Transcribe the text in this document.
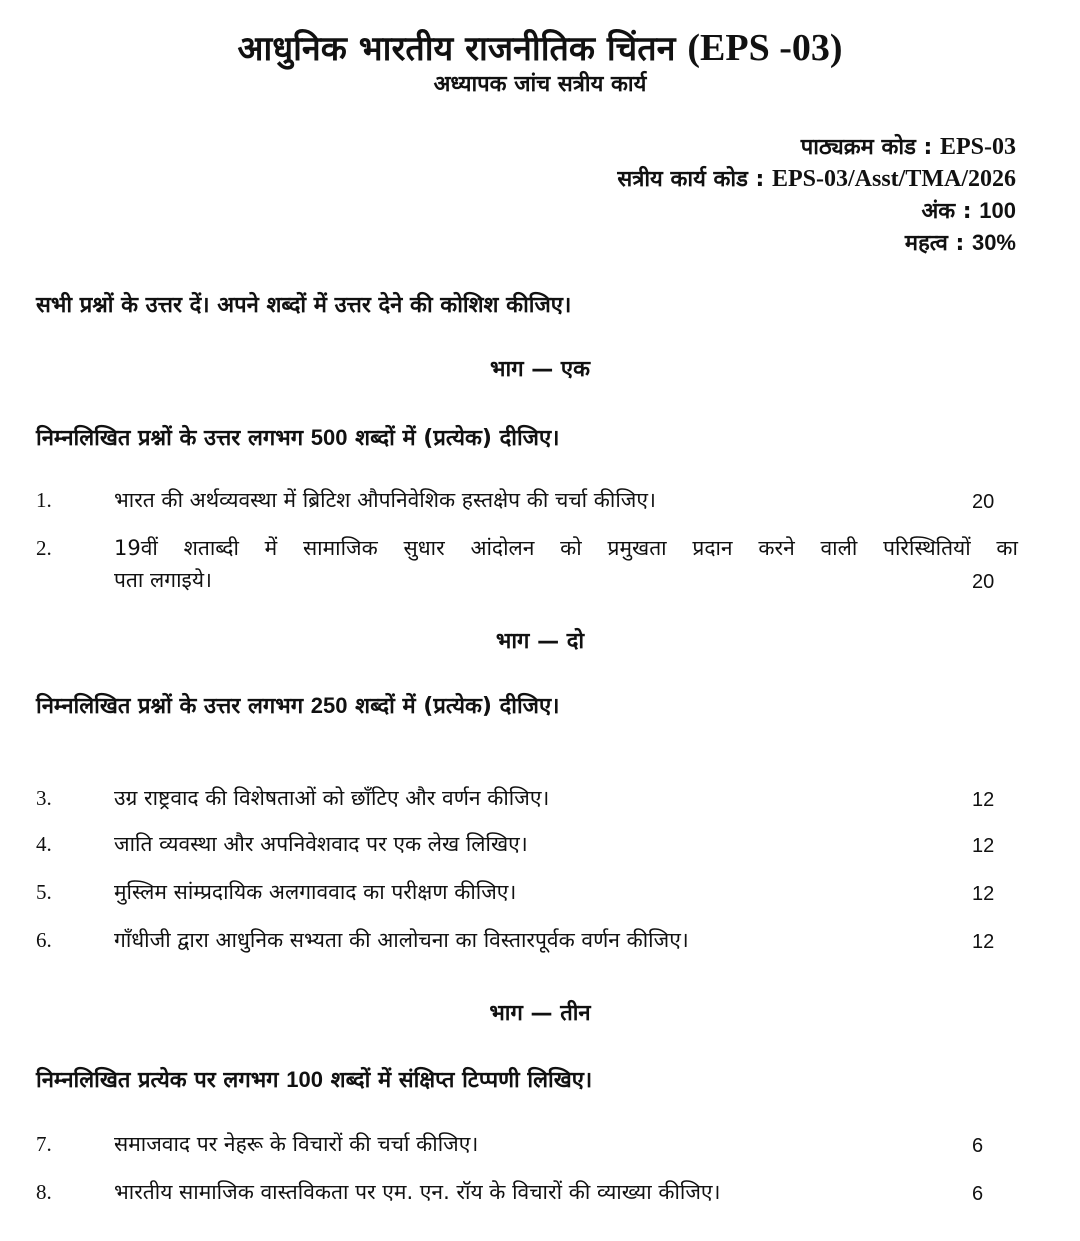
आधुनिक भारतीय राजनीतिक चिंतन (EPS -03)
अध्यापक जांच सत्रीय कार्य
पाठ्यक्रम कोड : EPS-03
सत्रीय कार्य कोड : EPS-03/Asst/TMA/2026
अंक : 100
महत्व : 30%
सभी प्रश्नों के उत्तर दें। अपने शब्दों में उत्तर देने की कोशिश कीजिए।
भाग — एक
निम्नलिखित प्रश्नों के उत्तर लगभग 500 शब्दों में (प्रत्येक) दीजिए।
1.	भारत की अर्थव्यवस्था में ब्रिटिश औपनिवेशिक हस्तक्षेप की चर्चा कीजिए।	20
2.	19वीं शताब्दी में सामाजिक सुधार आंदोलन को प्रमुखता प्रदान करने वाली परिस्थितियों का
पता लगाइये।	20
भाग — दो
निम्नलिखित प्रश्नों के उत्तर लगभग 250 शब्दों में (प्रत्येक) दीजिए।
3.	उग्र राष्ट्रवाद की विशेषताओं को छाँटिए और वर्णन कीजिए।	12
4.	जाति व्यवस्था और अपनिवेशवाद पर एक लेख लिखिए।	12
5.	मुस्लिम सांम्प्रदायिक अलगाववाद का परीक्षण कीजिए।	12
6.	गाँधीजी द्वारा आधुनिक सभ्यता की आलोचना का विस्तारपूर्वक वर्णन कीजिए।	12
भाग — तीन
निम्नलिखित प्रत्येक पर लगभग 100 शब्दों में संक्षिप्त टिप्पणी लिखिए।
7.	समाजवाद पर नेहरू के विचारों की चर्चा कीजिए।	6
8.	भारतीय सामाजिक वास्तविकता पर एम. एन. रॉय के विचारों की व्याख्या कीजिए।	6
